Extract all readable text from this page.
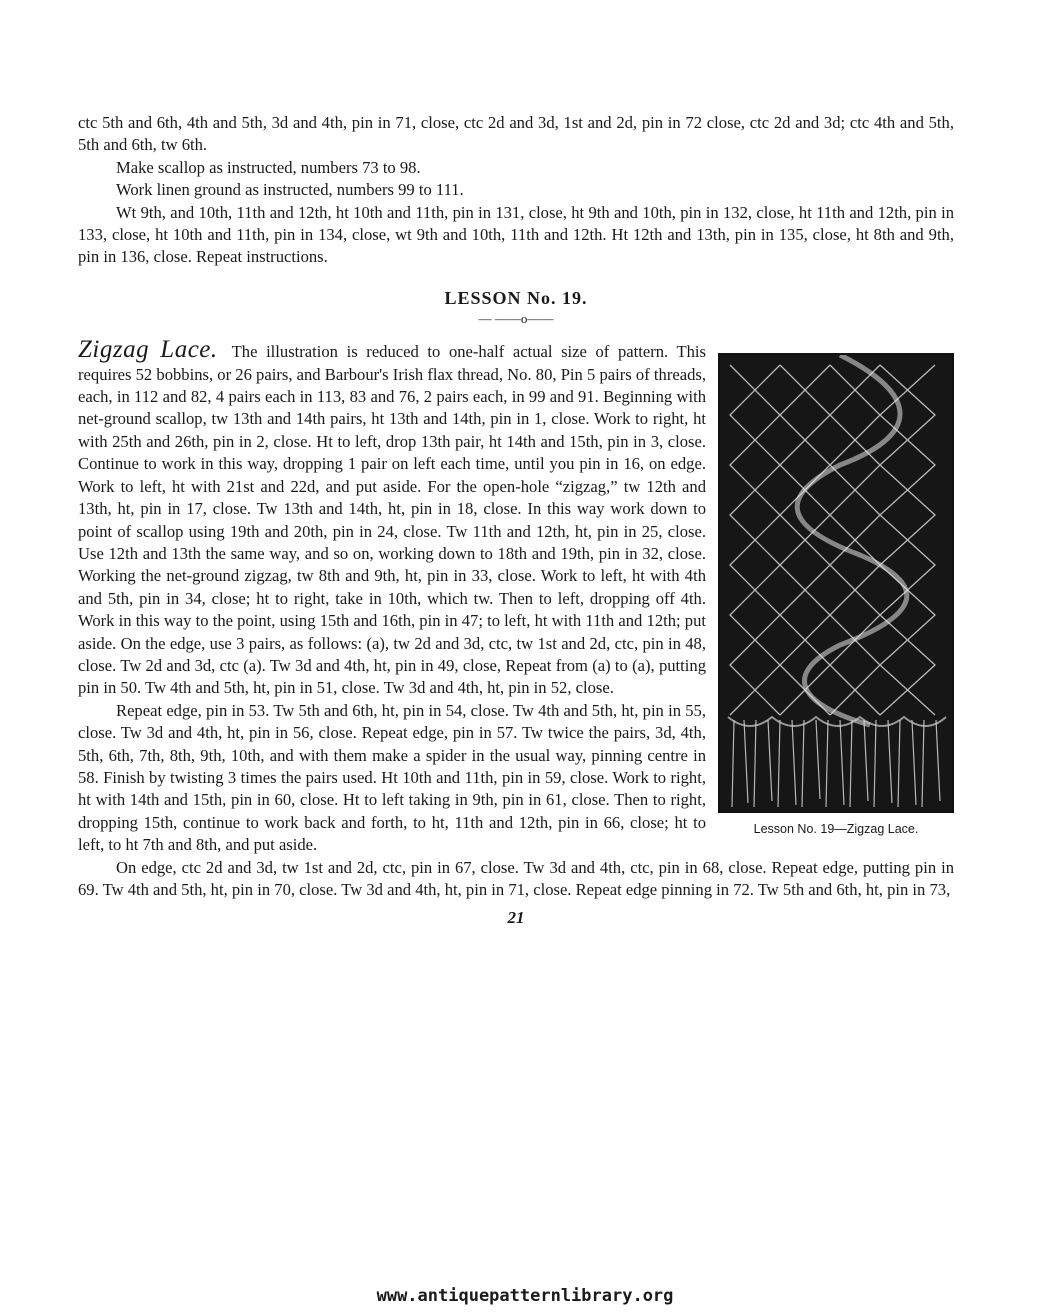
ctc 5th and 6th, 4th and 5th, 3d and 4th, pin in 71, close, ctc 2d and 3d, 1st and 2d, pin in 72 close, ctc 2d and 3d; ctc 4th and 5th, 5th and 6th, tw 6th.

Make scallop as instructed, numbers 73 to 98.

Work linen ground as instructed, numbers 99 to 111.

Wt 9th, and 10th, 11th and 12th, ht 10th and 11th, pin in 131, close, ht 9th and 10th, pin in 132, close, ht 11th and 12th, pin in 133, close, ht 10th and 11th, pin in 134, close, wt 9th and 10th, 11th and 12th. Ht 12th and 13th, pin in 135, close, ht 8th and 9th, pin in 136, close. Repeat instructions.

LESSON No. 19.
— ——o——
Lesson No. 19—Zigzag Lace.

Zigzag Lace. The illustration is reduced to one-half actual size of pattern. This requires 52 bobbins, or 26 pairs, and Barbour's Irish flax thread, No. 80, Pin 5 pairs of threads, each, in 112 and 82, 4 pairs each in 113, 83 and 76, 2 pairs each, in 99 and 91. Beginning with net-ground scallop, tw 13th and 14th pairs, ht 13th and 14th, pin in 1, close. Work to right, ht with 25th and 26th, pin in 2, close. Ht to left, drop 13th pair, ht 14th and 15th, pin in 3, close. Continue to work in this way, dropping 1 pair on left each time, until you pin in 16, on edge. Work to left, ht with 21st and 22d, and put aside. For the open-hole “zigzag,” tw 12th and 13th, ht, pin in 17, close. Tw 13th and 14th, ht, pin in 18, close. In this way work down to point of scallop using 19th and 20th, pin in 24, close. Tw 11th and 12th, ht, pin in 25, close. Use 12th and 13th the same way, and so on, working down to 18th and 19th, pin in 32, close. Working the net-ground zigzag, tw 8th and 9th, ht, pin in 33, close. Work to left, ht with 4th and 5th, pin in 34, close; ht to right, take in 10th, which tw. Then to left, dropping off 4th. Work in this way to the point, using 15th and 16th, pin in 47; to left, ht with 11th and 12th; put aside. On the edge, use 3 pairs, as follows: (a), tw 2d and 3d, ctc, tw 1st and 2d, ctc, pin in 48, close. Tw 2d and 3d, ctc (a). Tw 3d and 4th, ht, pin in 49, close, Repeat from (a) to (a), putting pin in 50. Tw 4th and 5th, ht, pin in 51, close. Tw 3d and 4th, ht, pin in 52, close.

Repeat edge, pin in 53. Tw 5th and 6th, ht, pin in 54, close. Tw 4th and 5th, ht, pin in 55, close. Tw 3d and 4th, ht, pin in 56, close. Repeat edge, pin in 57. Tw twice the pairs, 3d, 4th, 5th, 6th, 7th, 8th, 9th, 10th, and with them make a spider in the usual way, pinning centre in 58. Finish by twisting 3 times the pairs used. Ht 10th and 11th, pin in 59, close. Work to right, ht with 14th and 15th, pin in 60, close. Ht to left taking in 9th, pin in 61, close. Then to right, dropping 15th, continue to work back and forth, to ht, 11th and 12th, pin in 66, close; ht to left, to ht 7th and 8th, and put aside.

On edge, ctc 2d and 3d, tw 1st and 2d, ctc, pin in 67, close. Tw 3d and 4th, ctc, pin in 68, close. Repeat edge, putting pin in 69. Tw 4th and 5th, ht, pin in 70, close. Tw 3d and 4th, ht, pin in 71, close. Repeat edge pinning in 72. Tw 5th and 6th, ht, pin in 73,

21
www.antiquepatternlibrary.org
